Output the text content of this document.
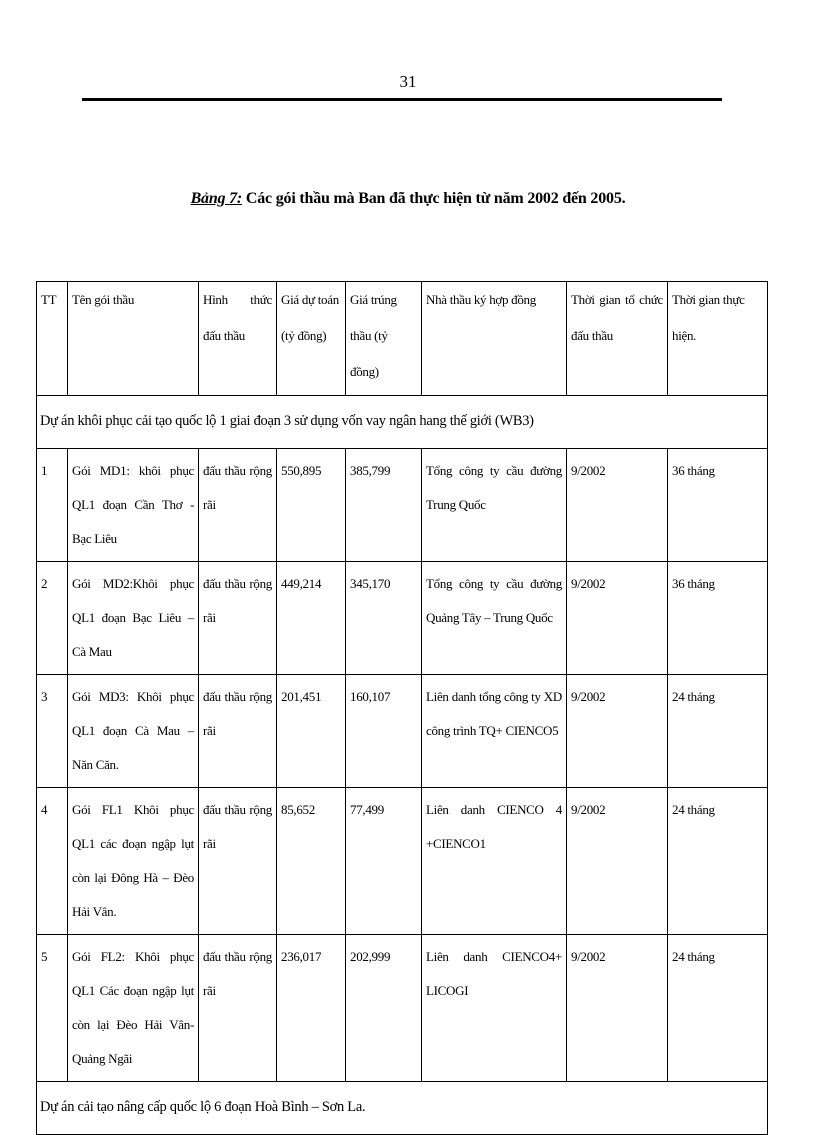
31
Bảng 7: Các gói thầu mà Ban đã thực hiện từ năm 2002 đến 2005.
TT	Tên gói thầu	Hình thức đấu thầu	Giá dự toán (tỷ đồng)	Giá trúng thầu (tỷ đồng)	Nhà thầu ký hợp đồng	Thời gian tổ chức đấu thầu	Thời gian thực hiện.
Dự án khôi phục cải tạo quốc lộ 1 giai đoạn 3 sử dụng vốn vay ngân hang thế giới (WB3)							
1	Gói MD1: khôi phục QL1 đoạn Cần Thơ - Bạc Liêu	đấu thầu rộng rãi	550,895	385,799	Tổng công ty cầu đường Trung Quốc	9/2002	36 tháng
2	Gói MD2:Khôi phục QL1 đoạn Bạc Liêu – Cà Mau	đấu thầu rộng rãi	449,214	345,170	Tổng công ty cầu đường Quảng Tây – Trung Quốc	9/2002	36 tháng
3	Gói MD3: Khôi phục QL1 đoạn Cà Mau – Năn Căn.	đấu thầu rộng rãi	201,451	160,107	Liên danh tổng công ty XD công trình TQ+ CIENCO5	9/2002	24 tháng
4	Gói FL1 Khôi phục QL1 các đoạn ngập lụt còn lại Đông Hà – Đèo Hải Vân.	đấu thầu rộng rãi	85,652	77,499	Liên danh CIENCO 4 +CIENCO1	9/2002	24 tháng
5	Gói FL2: Khôi phục QL1 Các đoạn ngập lụt còn lại Đèo Hải Vân- Quảng Ngãi	đấu thầu rộng rãi	236,017	202,999	Liên danh CIENCO4+ LICOGI	9/2002	24 tháng
Dự án cải tạo nâng cấp quốc lộ 6 đoạn Hoà Bình – Sơn La.							
